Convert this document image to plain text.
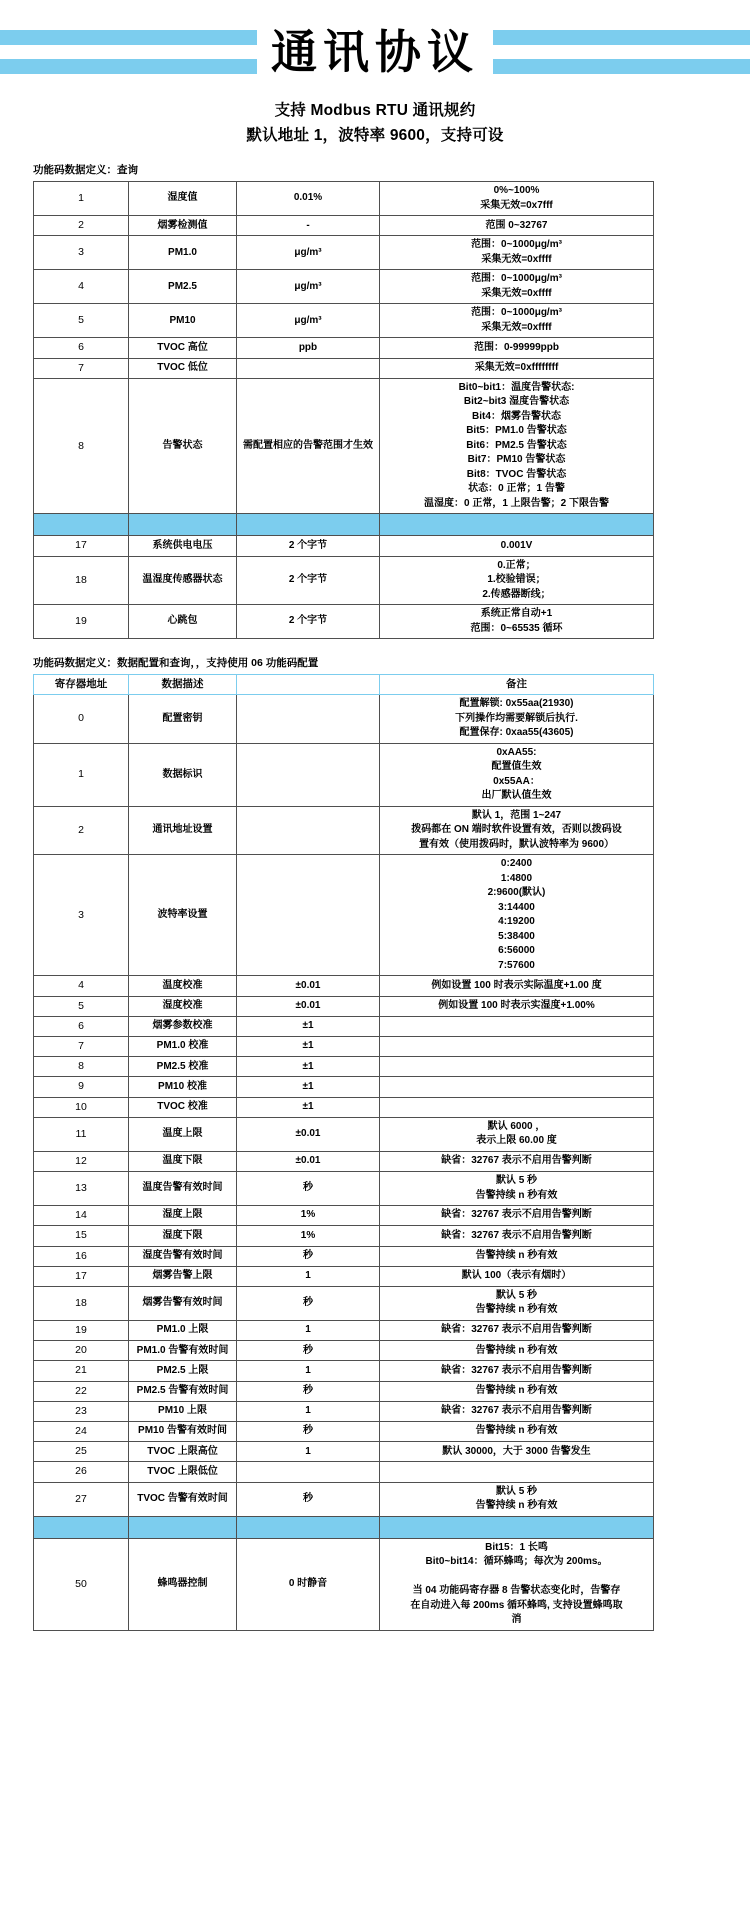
通讯协议
支持 Modbus RTU 通讯规约
默认地址 1，波特率 9600，支持可设
功能码数据定义：查询
1	湿度值	0.01%	0%~100%
采集无效=0x7fff

2	烟雾检测值	-	范围 0~32767

3	PM1.0	μg/m³	范围：0~1000μg/m³
采集无效=0xffff

4	PM2.5	μg/m³	范围：0~1000μg/m³
采集无效=0xffff

5	PM10	μg/m³	范围：0~1000μg/m³
采集无效=0xffff

6	TVOC 高位	ppb	范围：0-99999ppb

7	TVOC 低位		采集无效=0xffffffff

8	告警状态	需配置相应的告警范围才生效	
Bit0~bit1：温度告警状态:
Bit2~bit3 湿度告警状态
Bit4：烟雾告警状态
Bit5：PM1.0 告警状态
Bit6：PM2.5 告警状态
Bit7：PM10 告警状态
Bit8：TVOC 告警状态
状态：0 正常；1 告警
温湿度：0 正常，1 上限告警；2 下限告警

17	系统供电电压	2 个字节	0.001V

18	温湿度传感器状态	2 个字节	0.正常；
1.校验错误；
2.传感器断线；

19	心跳包	2 个字节	系统正常自动+1
范围：0~65535 循环
功能码数据定义：数据配置和查询，，支持使用 06 功能码配置
寄存器地址	数据描述		备注
0	配置密钥		配置解锁: 0x55aa(21930)
下列操作均需要解锁后执行.
配置保存: 0xaa55(43605)

1	数据标识		0xAA55:
配置值生效
0x55AA：
出厂默认值生效

2	通讯地址设置		默认 1，范围 1~247
拨码都在 ON 端时软件设置有效，否则以拨码设
置有效（使用拨码时，默认波特率为 9600）

3	波特率设置		
0:2400
1:4800
2:9600(默认)
3:14400
4:19200
5:38400
6:56000
7:57600

4	温度校准	±0.01	例如设置 100 时表示实际温度+1.00 度

5	湿度校准	±0.01	例如设置 100 时表示实湿度+1.00%

6	烟雾参数校准	±1	

7	PM1.0 校准	±1	

8	PM2.5 校准	±1	

9	PM10 校准	±1	

10	TVOC 校准	±1	

11	温度上限	±0.01	默认 6000 ，
表示上限 60.00 度

12	温度下限	±0.01	缺省：32767 表示不启用告警判断

13	温度告警有效时间	秒	默认 5 秒
告警持续 n 秒有效

14	湿度上限	1%	缺省：32767 表示不启用告警判断

15	湿度下限	1%	缺省：32767 表示不启用告警判断

16	湿度告警有效时间	秒	告警持续 n 秒有效

17	烟雾告警上限	1	默认 100（表示有烟时）

18	烟雾告警有效时间	秒	默认 5 秒
告警持续 n 秒有效

19	PM1.0 上限	1	缺省：32767 表示不启用告警判断

20	PM1.0 告警有效时间	秒	告警持续 n 秒有效

21	PM2.5 上限	1	缺省：32767 表示不启用告警判断

22	PM2.5 告警有效时间	秒	告警持续 n 秒有效

23	PM10 上限	1	缺省：32767 表示不启用告警判断

24	PM10 告警有效时间	秒	告警持续 n 秒有效

25	TVOC 上限高位	1	默认 30000，大于 3000 告警发生

26	TVOC 上限低位		

27	TVOC 告警有效时间	秒	默认 5 秒
告警持续 n 秒有效

50	蜂鸣器控制	0 时静音	Bit15：1 长鸣
Bit0~bit14：循环蜂鸣；每次为 200ms。

当 04 功能码寄存器 8 告警状态变化时，告警存
在自动进入每 200ms 循环蜂鸣, 支持设置蜂鸣取
消
